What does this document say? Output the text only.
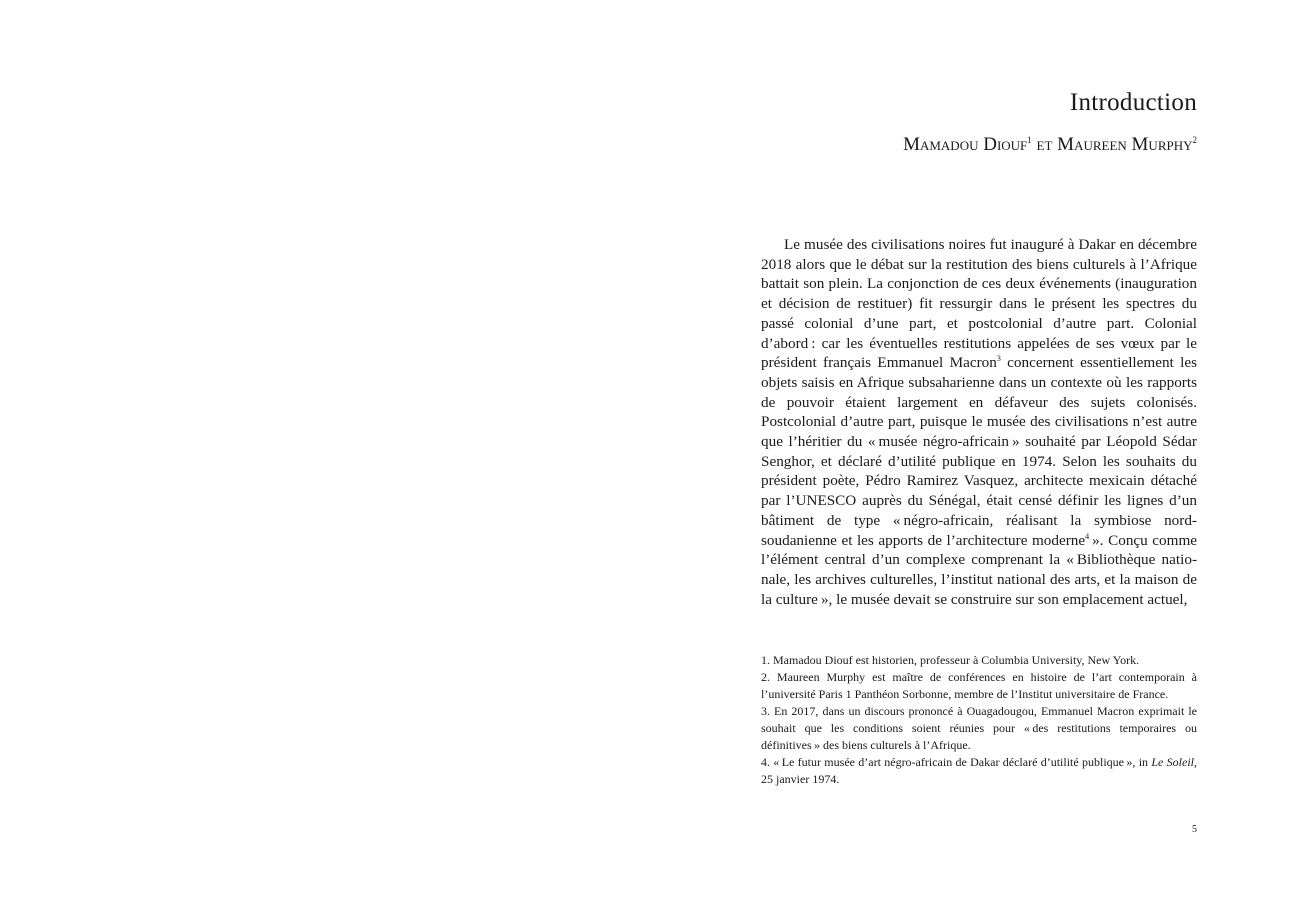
Introduction

Mamadou Diouf$^1$ et Maureen Murphy$^2$

Le musée des civilisations noires fut inauguré à Dakar en décembre 2018 alors que le débat sur la restitution des biens culturels à l’Afrique battait son plein. La conjonction de ces deux événements (inauguration et décision de restituer) fit ressurgir dans le présent les spectres du passé colonial d’une part, et postcolonial d’autre part. Colonial d’abord : car les éventuelles restitutions appelées de ses vœux par le président français Emmanuel Macron$^3$ concernent essentiellement les objets saisis en Afrique subsaharienne dans un contexte où les rapports de pouvoir étaient largement en défaveur des sujets colonisés. Postcolonial d’autre part, puisque le musée des civilisations n’est autre que l’héritier du « musée négro-africain » souhaité par Léopold Sédar Senghor, et déclaré d’utilité publique en 1974. Selon les souhaits du président poète, Pédro Ramirez Vasquez, architecte mexicain détaché par l’UNESCO auprès du Sénégal, était censé définir les lignes d’un bâtiment de type « négro-africain, réalisant la symbiose nord-soudanienne et les apports de l’architecture moderne$^4$ ». Conçu comme l’élément central d’un complexe comprenant la « Bibliothèque nationale, les archives culturelles, l’institut national des arts, et la maison de la culture », le musée devait se construire sur son emplacement actuel,

1. Mamadou Diouf est historien, professeur à Columbia University, New York.
2. Maureen Murphy est maître de conférences en histoire de l’art contemporain à l’université Paris 1 Panthéon Sorbonne, membre de l’Institut universitaire de France.
3. En 2017, dans un discours prononcé à Ouagadougou, Emmanuel Macron exprimait le souhait que les conditions soient réunies pour « des restitutions temporaires ou définitives » des biens culturels à l’Afrique.
4. « Le futur musée d’art négro-africain de Dakar déclaré d’utilité publique », in Le Soleil, 25 janvier 1974.
5
